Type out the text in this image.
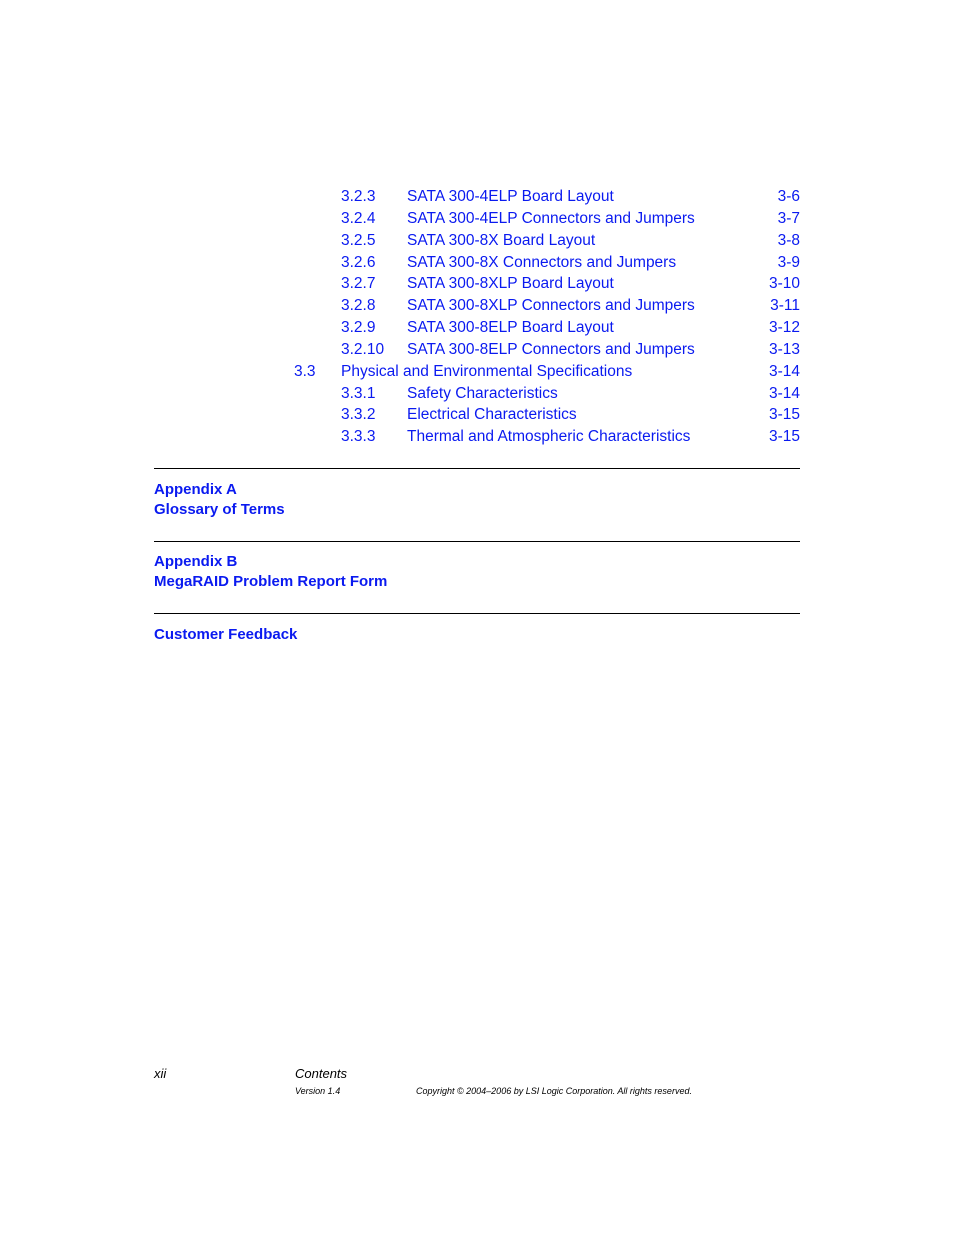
3.2.3 SATA 300-4ELP Board Layout	3-6
3.2.4 SATA 300-4ELP Connectors and Jumpers	3-7
3.2.5 SATA 300-8X Board Layout	3-8
3.2.6 SATA 300-8X Connectors and Jumpers	3-9
3.2.7 SATA 300-8XLP Board Layout	3-10
3.2.8 SATA 300-8XLP Connectors and Jumpers	3-11
3.2.9 SATA 300-8ELP Board Layout	3-12
3.2.10 SATA 300-8ELP Connectors and Jumpers	3-13
3.3 Physical and Environmental Specifications	3-14
3.3.1 Safety Characteristics	3-14
3.3.2 Electrical Characteristics	3-15
3.3.3 Thermal and Atmospheric Characteristics	3-15
Appendix A
Glossary of Terms
Appendix B
MegaRAID Problem Report Form
Customer Feedback
xii	Contents
Version 1.4	Copyright © 2004–2006 by LSI Logic Corporation. All rights reserved.
